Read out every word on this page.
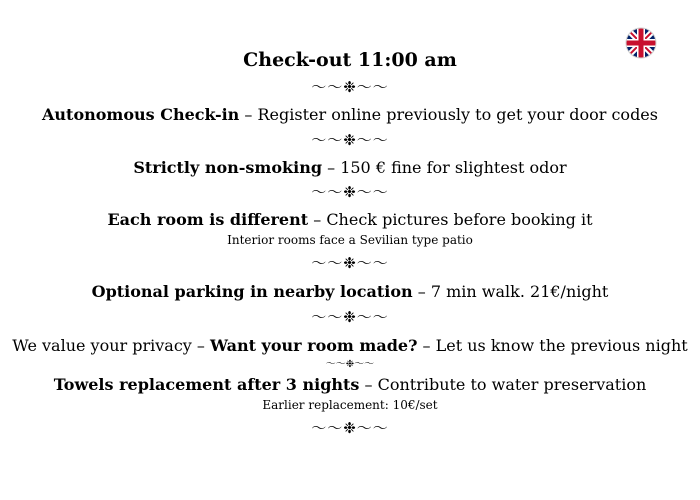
Check-out 11:00 am
〜〜❉〜〜
Autonomous Check-in – Register online previously to get your door codes
〜〜❉〜〜
Strictly non-smoking – 150 € fine for slightest odor
〜〜❉〜〜
Each room is different – Check pictures before booking it
Interior rooms face a Sevilian type patio
〜〜❉〜〜
Optional parking in nearby location – 7 min walk. 21€/night
〜〜❉〜〜
We value your privacy – Want your room made? – Let us know the previous night
〜〜❉〜〜
Towels replacement after 3 nights – Contribute to water preservation
Earlier replacement: 10€/set
〜〜❉〜〜
